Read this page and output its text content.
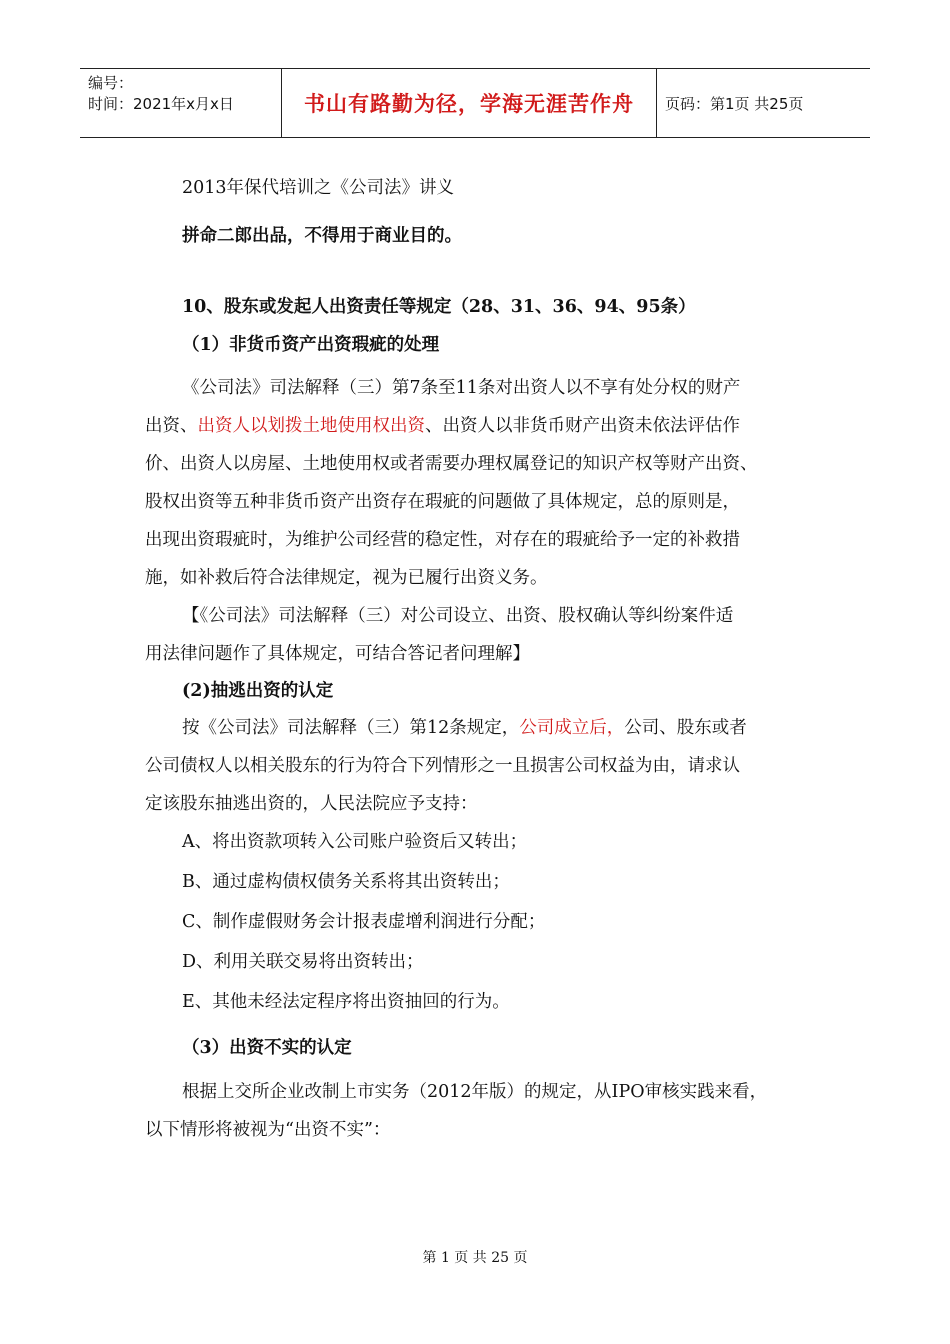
编号：
时间：2021年x月x日	书山有路勤为径，学海无涯苦作舟 页码：第1页 共25页
2013年保代培训之《公司法》讲义
拼命二郎出品，不得用于商业目的。
10、股东或发起人出资责任等规定（28、31、36、94、95条）
（1）非货币资产出资瑕疵的处理
《公司法》司法解释（三）第7条至11条对出资人以不享有处分权的财产
出资、出资人以划拨土地使用权出资、出资人以非货币财产出资未依法评估作
价、出资人以房屋、土地使用权或者需要办理权属登记的知识产权等财产出资、
股权出资等五种非货币资产出资存在瑕疵的问题做了具体规定，总的原则是，
出现出资瑕疵时，为维护公司经营的稳定性，对存在的瑕疵给予一定的补救措
施，如补救后符合法律规定，视为已履行出资义务。
【《公司法》司法解释（三）对公司设立、出资、股权确认等纠纷案件适
用法律问题作了具体规定，可结合答记者问理解】
(2)抽逃出资的认定
按《公司法》司法解释（三）第12条规定，公司成立后，公司、股东或者
公司债权人以相关股东的行为符合下列情形之一且损害公司权益为由，请求认
定该股东抽逃出资的，人民法院应予支持：
A、将出资款项转入公司账户验资后又转出；
B、通过虚构债权债务关系将其出资转出；
C、制作虚假财务会计报表虚增利润进行分配；
D、利用关联交易将出资转出；
E、其他未经法定程序将出资抽回的行为。
（3）出资不实的认定
根据上交所企业改制上市实务（2012年版）的规定，从IPO审核实践来看，
以下情形将被视为“出资不实”：
第 1 页 共 25 页
